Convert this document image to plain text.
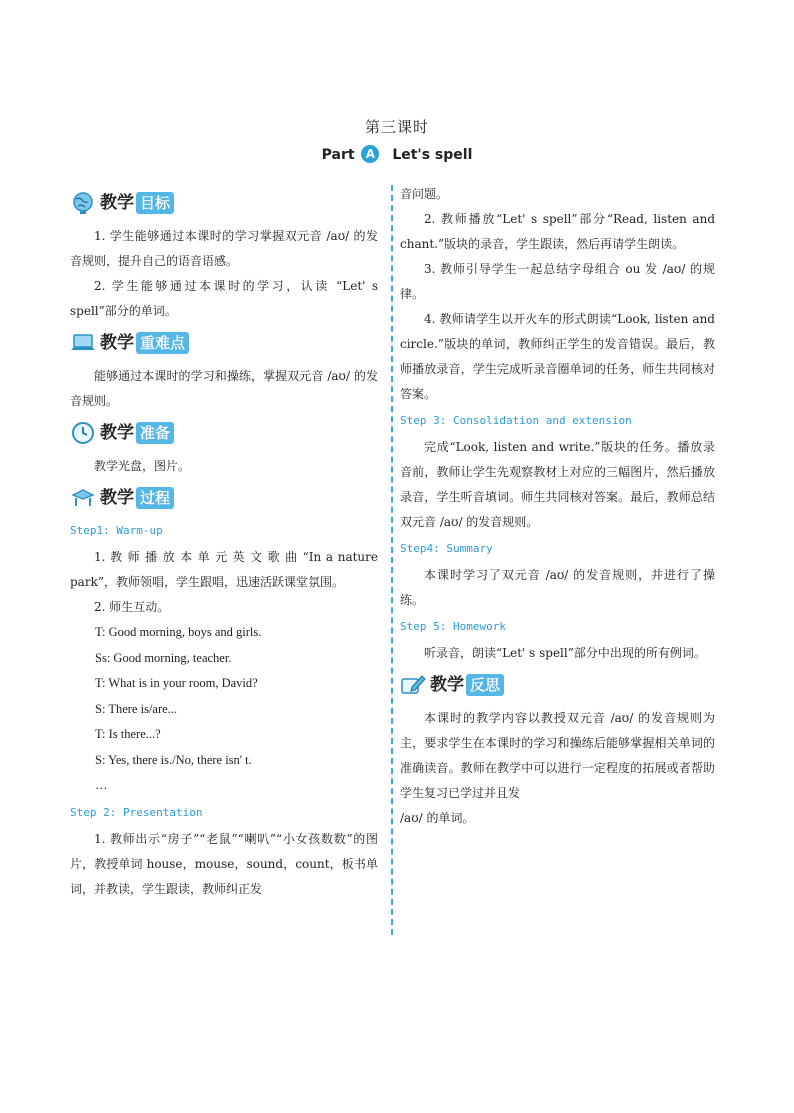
第三课时
Part A Let's spell
教学 目标

1. 学生能够通过本课时的学习掌握双元音 /aʊ/ 的发音规则，提升自己的语音语感。

2. 学生能够通过本课时的学习，认读 “Let' s spell”部分的单词。

教学 重难点

能够通过本课时的学习和操练，掌握双元音 /aʊ/ 的发音规则。

教学 准备

教学光盘，图片。

教学 过程
Step1: Warm-up

1. 教 师 播 放 本 单 元 英 文 歌 曲 “In a nature park”，教师领唱，学生跟唱，迅速活跃课堂氛围。

2. 师生互动。

T: Good morning, boys and girls.

Ss: Good morning, teacher.

T: What is in your room, David?

S: There is/are...

T: Is there...?

S: Yes, there is./No, there isn' t.

…

Step 2: Presentation

1. 教师出示“房子”“老鼠”“喇叭”“小女孩数数”的图片，教授单词 house，mouse，sound，count，板书单词，并教读，学生跟读，教师纠正发

音问题。

2. 教师播放“Let' s spell”部分“Read, listen and chant.”版块的录音，学生跟读，然后再请学生朗读。

3. 教师引导学生一起总结字母组合 ou 发 /aʊ/ 的规律。

4. 教师请学生以开火车的形式朗读“Look, listen and circle.”版块的单词，教师纠正学生的发音错误。最后，教师播放录音，学生完成听录音圈单词的任务，师生共同核对答案。

Step 3: Consolidation and extension

完成“Look, listen and write.”版块的任务。播放录音前，教师让学生先观察教材上对应的三幅图片，然后播放录音，学生听音填词。师生共同核对答案。最后，教师总结双元音 /aʊ/ 的发音规则。

Step4: Summary

本课时学习了双元音 /aʊ/ 的发音规则，并进行了操练。

Step 5: Homework

听录音，朗读“Let' s spell”部分中出现的所有例词。

教学 反思

本课时的教学内容以教授双元音 /aʊ/ 的发音规则为主，要求学生在本课时的学习和操练后能够掌握相关单词的准确读音。教师在教学中可以进行一定程度的拓展或者帮助学生复习已学过并且发

/aʊ/ 的单词。
